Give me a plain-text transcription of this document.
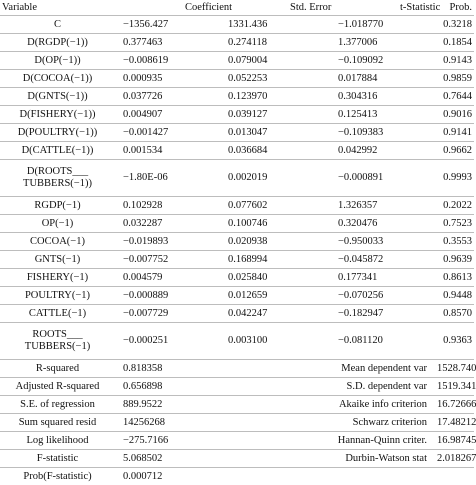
Variable	Coefficient	Std. Error	t-Statistic	Prob.
C	−1356.427	1331.436	−1.018770	0.3218
D(RGDP(−1))	0.377463	0.274118	1.377006	0.1854
D(OP(−1))	−0.008619	0.079004	−0.109092	0.9143
D(COCOA(−1))	0.000935	0.052253	0.017884	0.9859
D(GNTS(−1))	0.037726	0.123970	0.304316	0.7644
D(FISHERY(−1))	0.004907	0.039127	0.125413	0.9016
D(POULTRY(−1))	−0.001427	0.013047	−0.109383	0.9141
D(CATTLE(−1))	0.001534	0.036684	0.042992	0.9662
D(ROOTS___ TUBBERS(−1))	−1.80E-06	0.002019	−0.000891	0.9993
RGDP(−1)	0.102928	0.077602	1.326357	0.2022
OP(−1)	0.032287	0.100746	0.320476	0.7523
COCOA(−1)	−0.019893	0.020938	−0.950033	0.3553
GNTS(−1)	−0.007752	0.168994	−0.045872	0.9639
FISHERY(−1)	0.004579	0.025840	0.177341	0.8613
POULTRY(−1)	−0.000889	0.012659	−0.070256	0.9448
CATTLE(−1)	−0.007729	0.042247	−0.182947	0.8570
ROOTS___ TUBBERS(−1)	−0.000251	0.003100	−0.081120	0.9363
R-squared	0.818358		Mean dependent var	1528.740
Adjusted R-squared	0.656898		S.D. dependent var	1519.341
S.E. of regression	889.9522		Akaike info criterion	16.72666
Sum squared resid	14256268		Schwarz criterion	17.48212
Log likelihood	−275.7166		Hannan-Quinn criter.	16.98745
F-statistic	5.068502		Durbin-Watson stat	2.018267
Prob(F-statistic)	0.000712			
